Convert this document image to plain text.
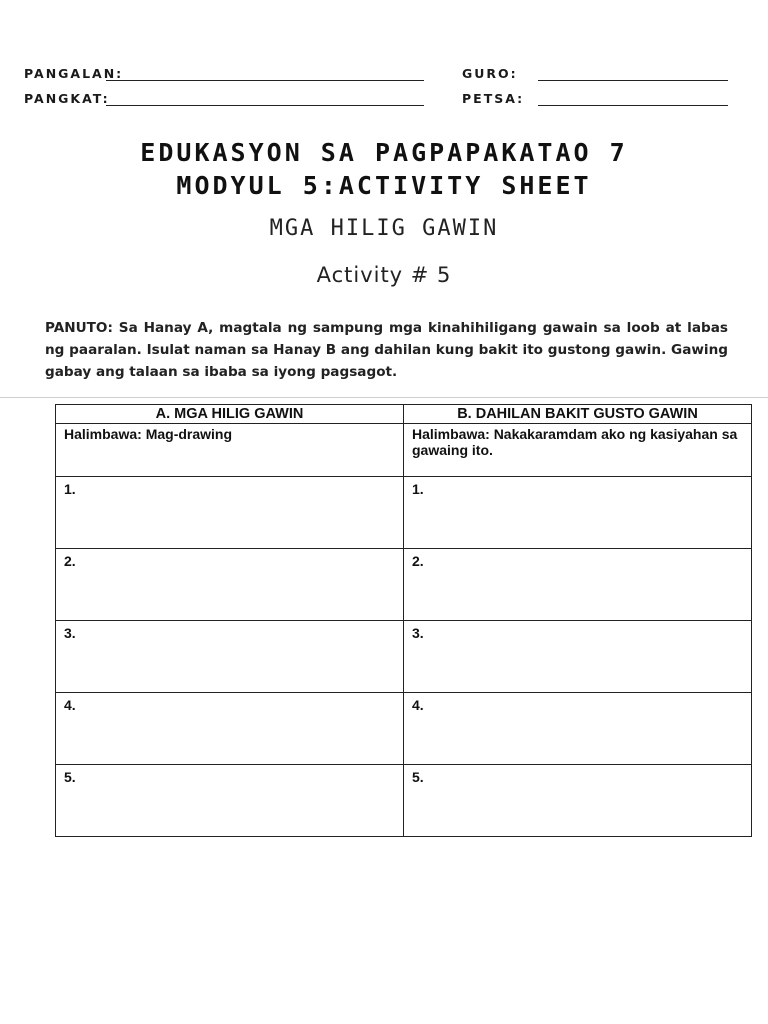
PANGALAN:	GURO:
PANGKAT:	PETSA:
EDUKASYON SA PAGPAPAKATAO 7
MODYUL 5:ACTIVITY SHEET
MGA HILIG GAWIN
Activity # 5
PANUTO: Sa Hanay A, magtala ng sampung mga kinahihiligang gawain sa loob at labas ng paaralan. Isulat naman sa Hanay B ang dahilan kung bakit ito gustong gawin. Gawing gabay ang talaan sa ibaba sa iyong pagsagot.
A. MGA HILIG GAWIN	B. DAHILAN BAKIT GUSTO GAWIN
Halimbawa: Mag-drawing	Halimbawa: Nakakaramdam ako ng kasiyahan sa gawaing ito.
1.	1.
2.	2.
3.	3.
4.	4.
5.	5.
